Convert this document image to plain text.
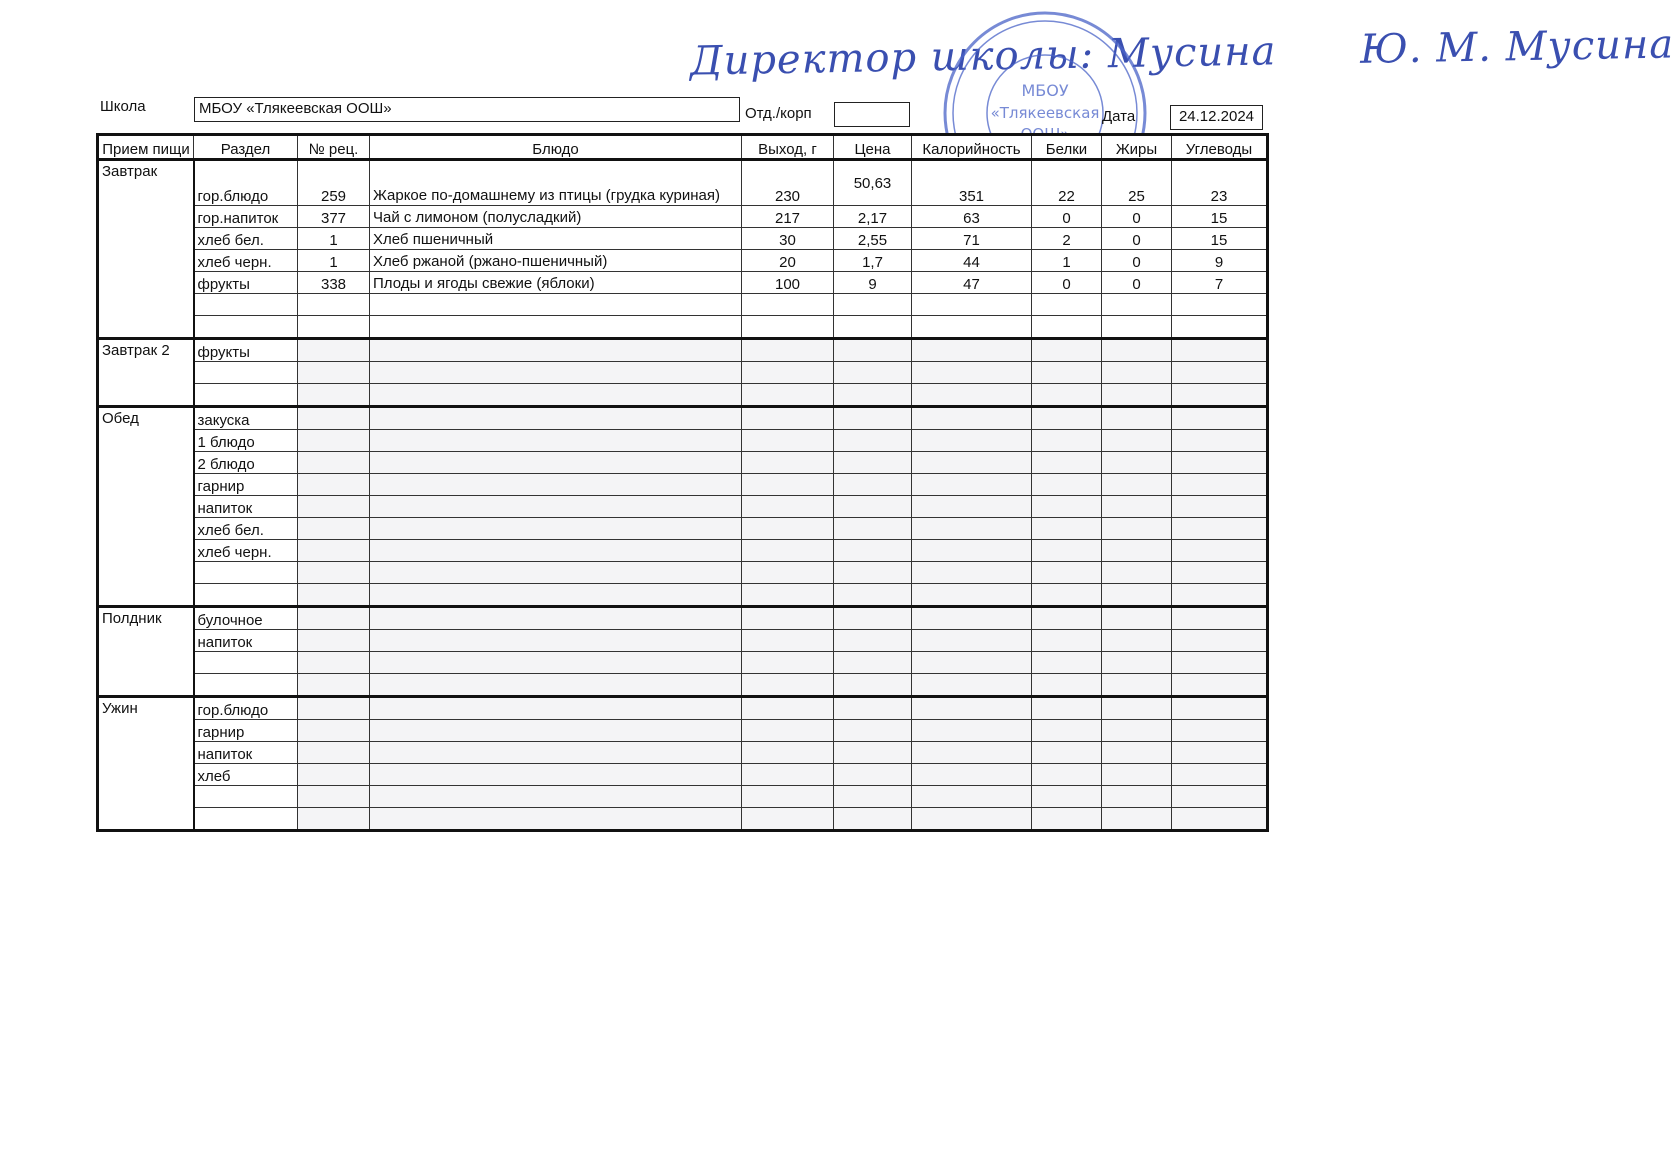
Директор школы: Мусина Ю. М. Мусина
МБОУ
«Тлякеевская
Школа	МБОУ «Тлякеевская ООШ»	Отд./корп	Дата	24.12.2024
Прием пищи	Раздел	№ рец.	Блюдо	Выход, г	Цена	Калорийность	Белки	Жиры	Углеводы
Завтрак	гор.блюдо	259	Жаркое по-домашнему из птицы (грудка куриная)	230	50,63	351	22	25	23
	гор.напиток	377	Чай с лимоном (полусладкий)	217	2,17	63	0	0	15
	хлеб бел.	1	Хлеб пшеничный	30	2,55	71	2	0	15
	хлеб черн.	1	Хлеб ржаной (ржано-пшеничный)	20	1,7	44	1	0	9
	фрукты	338	Плоды и ягоды свежие (яблоки)	100	9	47	0	0	7

Завтрак 2	фрукты								

Обед	закуска								
	1 блюдо								
	2 блюдо								
	гарнир								
	напиток								
	хлеб бел.								
	хлеб черн.								

Полдник	булочное								
	напиток								

Ужин	гор.блюдо								
	гарнир								
	напиток								
	хлеб								
